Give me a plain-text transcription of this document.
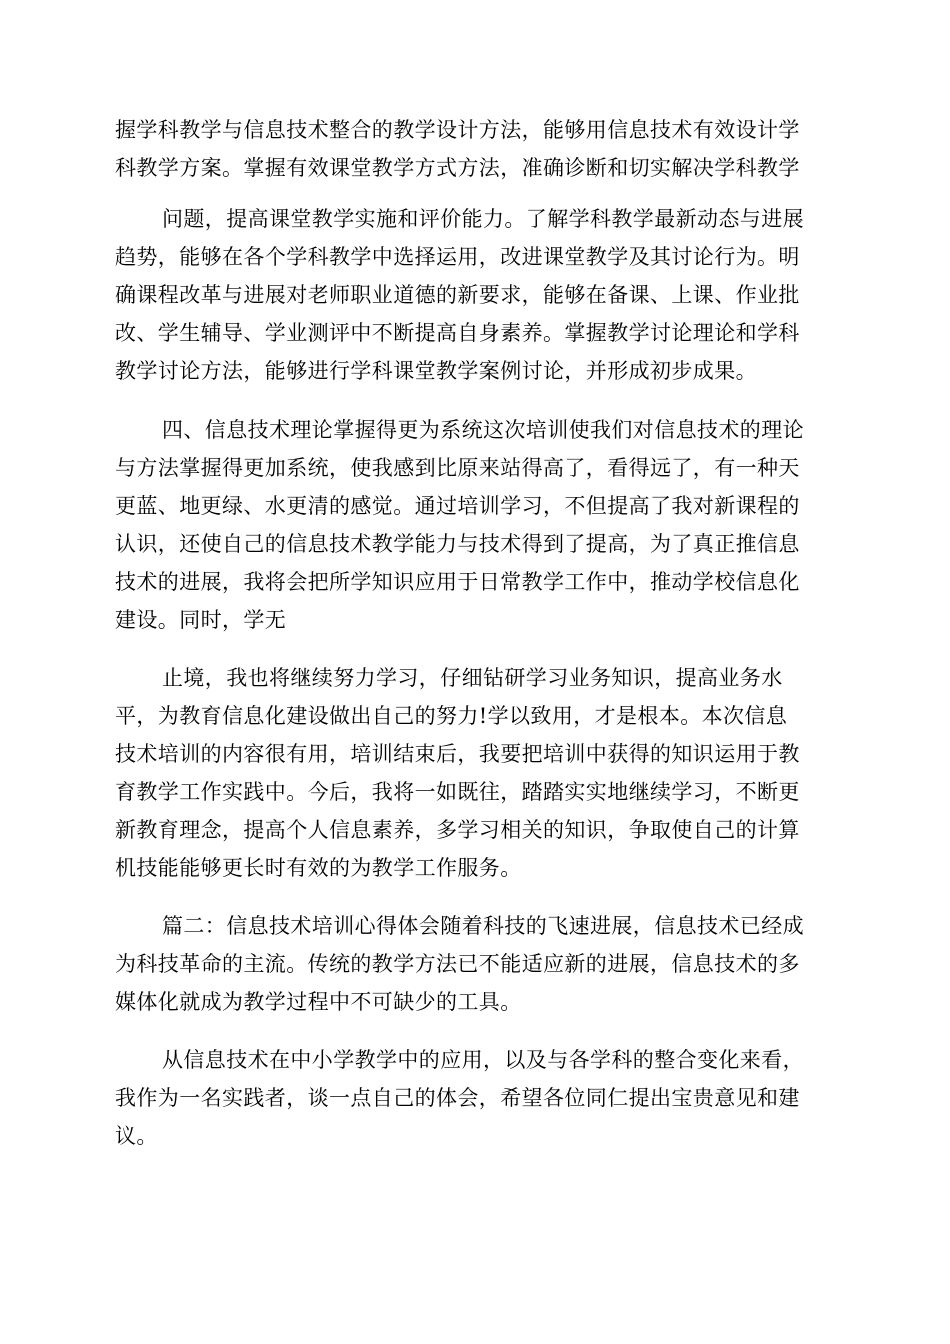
握学科教学与信息技术整合的教学设计方法，能够用信息技术有效设计学
科教学方案。掌握有效课堂教学方式方法，准确诊断和切实解决学科教学
问题，提高课堂教学实施和评价能力。了解学科教学最新动态与进展
趋势，能够在各个学科教学中选择运用，改进课堂教学及其讨论行为。明
确课程改革与进展对老师职业道德的新要求，能够在备课、上课、作业批
改、学生辅导、学业测评中不断提高自身素养。掌握教学讨论理论和学科
教学讨论方法，能够进行学科课堂教学案例讨论，并形成初步成果。
四、信息技术理论掌握得更为系统这次培训使我们对信息技术的理论
与方法掌握得更加系统，使我感到比原来站得高了，看得远了，有一种天
更蓝、地更绿、水更清的感觉。通过培训学习，不但提高了我对新课程的
认识，还使自己的信息技术教学能力与技术得到了提高，为了真正推信息
技术的进展，我将会把所学知识应用于日常教学工作中，推动学校信息化
建设。同时，学无
止境，我也将继续努力学习，仔细钻研学习业务知识，提高业务水
平，为教育信息化建设做出自己的努力!学以致用，才是根本。本次信息
技术培训的内容很有用，培训结束后，我要把培训中获得的知识运用于教
育教学工作实践中。今后，我将一如既往，踏踏实实地继续学习，不断更
新教育理念，提高个人信息素养，多学习相关的知识，争取使自己的计算
机技能能够更长时有效的为教学工作服务。
篇二：信息技术培训心得体会随着科技的飞速进展，信息技术已经成
为科技革命的主流。传统的教学方法已不能适应新的进展，信息技术的多
媒体化就成为教学过程中不可缺少的工具。
从信息技术在中小学教学中的应用，以及与各学科的整合变化来看，
我作为一名实践者，谈一点自己的体会，希望各位同仁提出宝贵意见和建
议。
